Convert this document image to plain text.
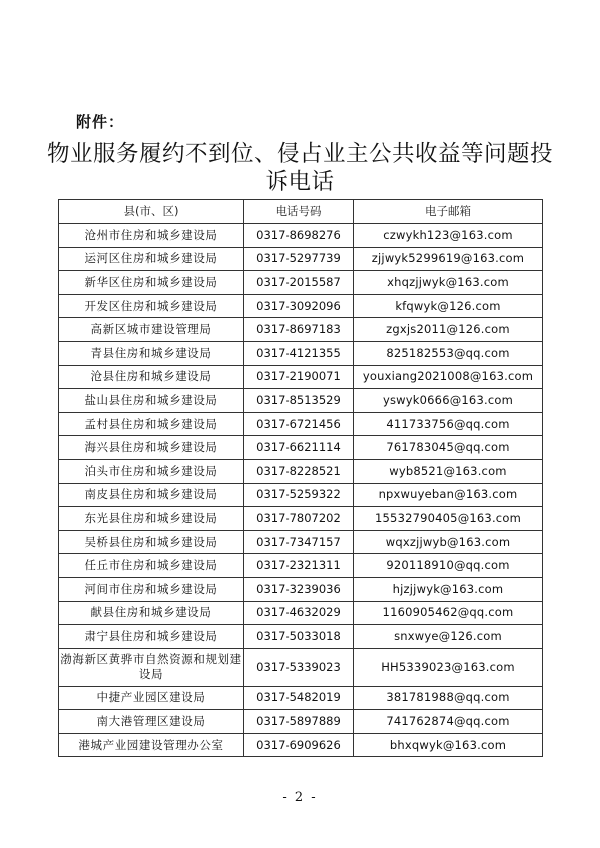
附件：
物业服务履约不到位、侵占业主公共收益等问题投诉电话
县(市、区)	电话号码	电子邮箱
沧州市住房和城乡建设局	0317-8698276	czwykh123@163.com
运河区住房和城乡建设局	0317-5297739	zjjwyk5299619@163.com
新华区住房和城乡建设局	0317-2015587	xhqzjjwyk@163.com
开发区住房和城乡建设局	0317-3092096	kfqwyk@126.com
高新区城市建设管理局	0317-8697183	zgxjs2011@126.com
青县住房和城乡建设局	0317-4121355	825182553@qq.com
沧县住房和城乡建设局	0317-2190071	youxiang2021008@163.com
盐山县住房和城乡建设局	0317-8513529	yswyk0666@163.com
孟村县住房和城乡建设局	0317-6721456	411733756@qq.com
海兴县住房和城乡建设局	0317-6621114	761783045@qq.com
泊头市住房和城乡建设局	0317-8228521	wyb8521@163.com
南皮县住房和城乡建设局	0317-5259322	npxwuyeban@163.com
东光县住房和城乡建设局	0317-7807202	15532790405@163.com
吴桥县住房和城乡建设局	0317-7347157	wqxzjjwyb@163.com
任丘市住房和城乡建设局	0317-2321311	920118910@qq.com
河间市住房和城乡建设局	0317-3239036	hjzjjwyk@163.com
献县住房和城乡建设局	0317-4632029	1160905462@qq.com
肃宁县住房和城乡建设局	0317-5033018	snxwye@126.com
渤海新区黄骅市自然资源和规划建设局	0317-5339023	HH5339023@163.com
中捷产业园区建设局	0317-5482019	381781988@qq.com
南大港管理区建设局	0317-5897889	741762874@qq.com
港城产业园建设管理办公室	0317-6909626	bhxqwyk@163.com
- 2 -
